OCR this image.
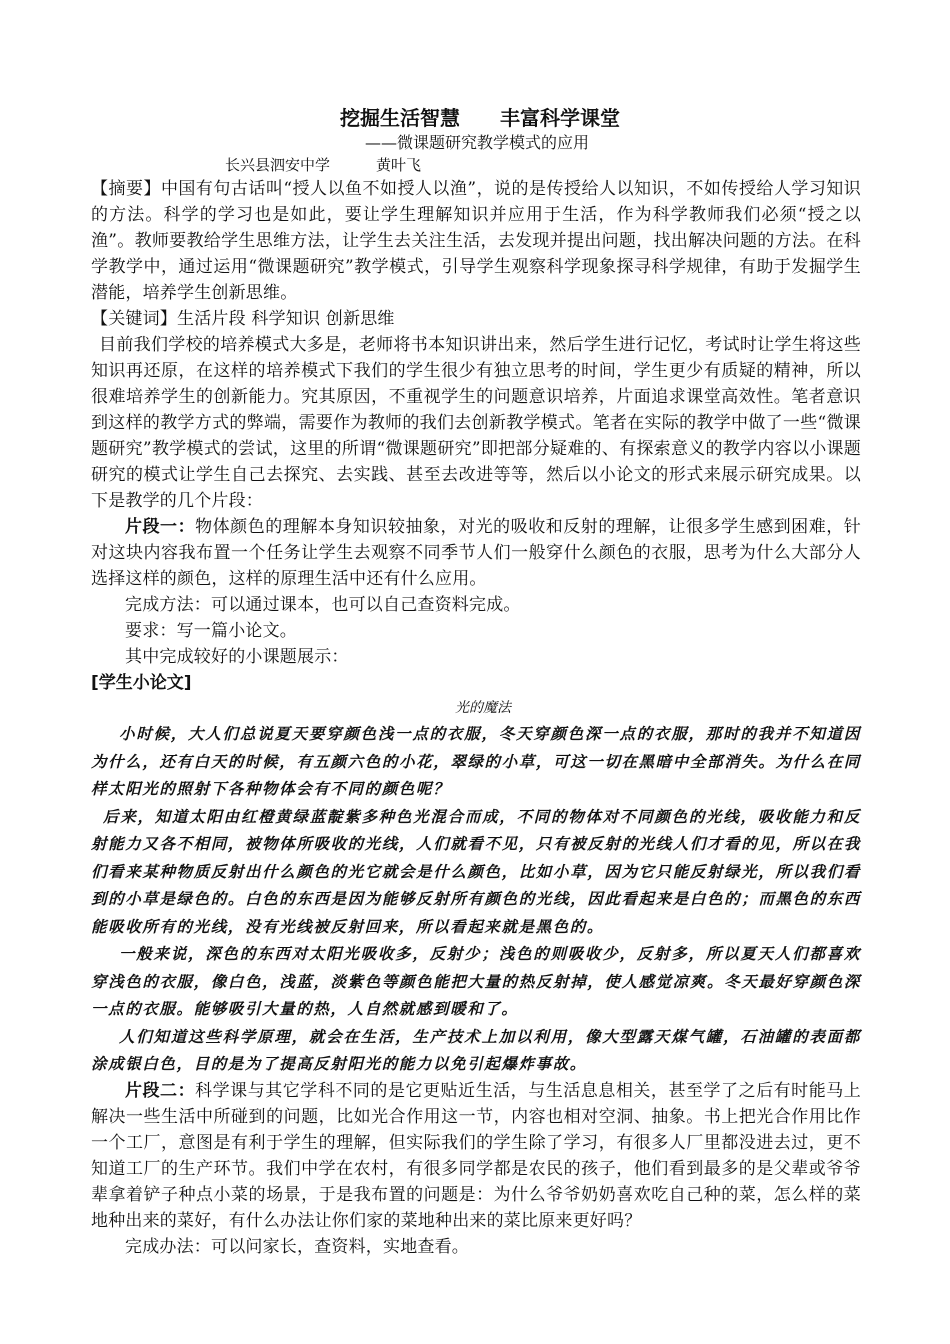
挖掘生活智慧 丰富科学课堂
——微课题研究教学模式的应用
长兴县泗安中学	黄叶飞

【摘要】中国有句古话叫“授人以鱼不如授人以渔”，说的是传授给人以知识，不如传授给人学习知识的方法。科学的学习也是如此，要让学生理解知识并应用于生活，作为科学教师我们必须“授之以渔”。教师要教给学生思维方法，让学生去关注生活，去发现并提出问题，找出解决问题的方法。在科学教学中，通过运用“微课题研究”教学模式，引导学生观察科学现象探寻科学规律，有助于发掘学生潜能，培养学生创新思维。

【关键词】生活片段 科学知识 创新思维

目前我们学校的培养模式大多是，老师将书本知识讲出来，然后学生进行记忆，考试时让学生将这些知识再还原，在这样的培养模式下我们的学生很少有独立思考的时间，学生更少有质疑的精神，所以很难培养学生的创新能力。究其原因，不重视学生的问题意识培养，片面追求课堂高效性。笔者意识到这样的教学方式的弊端，需要作为教师的我们去创新教学模式。笔者在实际的教学中做了一些“微课题研究”教学模式的尝试，这里的所谓“微课题研究”即把部分疑难的、有探索意义的教学内容以小课题研究的模式让学生自己去探究、去实践、甚至去改进等等，然后以小论文的形式来展示研究成果。以下是教学的几个片段：

片段一：物体颜色的理解本身知识较抽象，对光的吸收和反射的理解，让很多学生感到困难，针对这块内容我布置一个任务让学生去观察不同季节人们一般穿什么颜色的衣服，思考为什么大部分人选择这样的颜色，这样的原理生活中还有什么应用。

完成方法：可以通过课本，也可以自己查资料完成。

要求：写一篇小论文。

其中完成较好的小课题展示：

[学生小论文]
光的魔法

小时候，大人们总说夏天要穿颜色浅一点的衣服，冬天穿颜色深一点的衣服，那时的我并不知道因为什么，还有白天的时候，有五颜六色的小花，翠绿的小草，可这一切在黑暗中全部消失。为什么在同样太阳光的照射下各种物体会有不同的颜色呢？

后来，知道太阳由红橙黄绿蓝靛紫多种色光混合而成，不同的物体对不同颜色的光线，吸收能力和反射能力又各不相同，被物体所吸收的光线，人们就看不见，只有被反射的光线人们才看的见，所以在我们看来某种物质反射出什么颜色的光它就会是什么颜色，比如小草，因为它只能反射绿光，所以我们看到的小草是绿色的。白色的东西是因为能够反射所有颜色的光线，因此看起来是白色的；而黑色的东西能吸收所有的光线，没有光线被反射回来，所以看起来就是黑色的。

一般来说，深色的东西对太阳光吸收多，反射少；浅色的则吸收少，反射多，所以夏天人们都喜欢穿浅色的衣服，像白色，浅蓝，淡紫色等颜色能把大量的热反射掉，使人感觉凉爽。冬天最好穿颜色深一点的衣服。能够吸引大量的热，人自然就感到暖和了。

人们知道这些科学原理，就会在生活，生产技术上加以利用，像大型露天煤气罐，石油罐的表面都涂成银白色，目的是为了提高反射阳光的能力以免引起爆炸事故。

片段二：科学课与其它学科不同的是它更贴近生活，与生活息息相关，甚至学了之后有时能马上解决一些生活中所碰到的问题，比如光合作用这一节，内容也相对空洞、抽象。书上把光合作用比作一个工厂，意图是有利于学生的理解，但实际我们的学生除了学习，有很多人厂里都没进去过，更不知道工厂的生产环节。我们中学在农村，有很多同学都是农民的孩子，他们看到最多的是父辈或爷爷辈拿着铲子种点小菜的场景，于是我布置的问题是：为什么爷爷奶奶喜欢吃自己种的菜，怎么样的菜地种出来的菜好，有什么办法让你们家的菜地种出来的菜比原来更好吗？

完成办法：可以问家长，查资料，实地查看。
